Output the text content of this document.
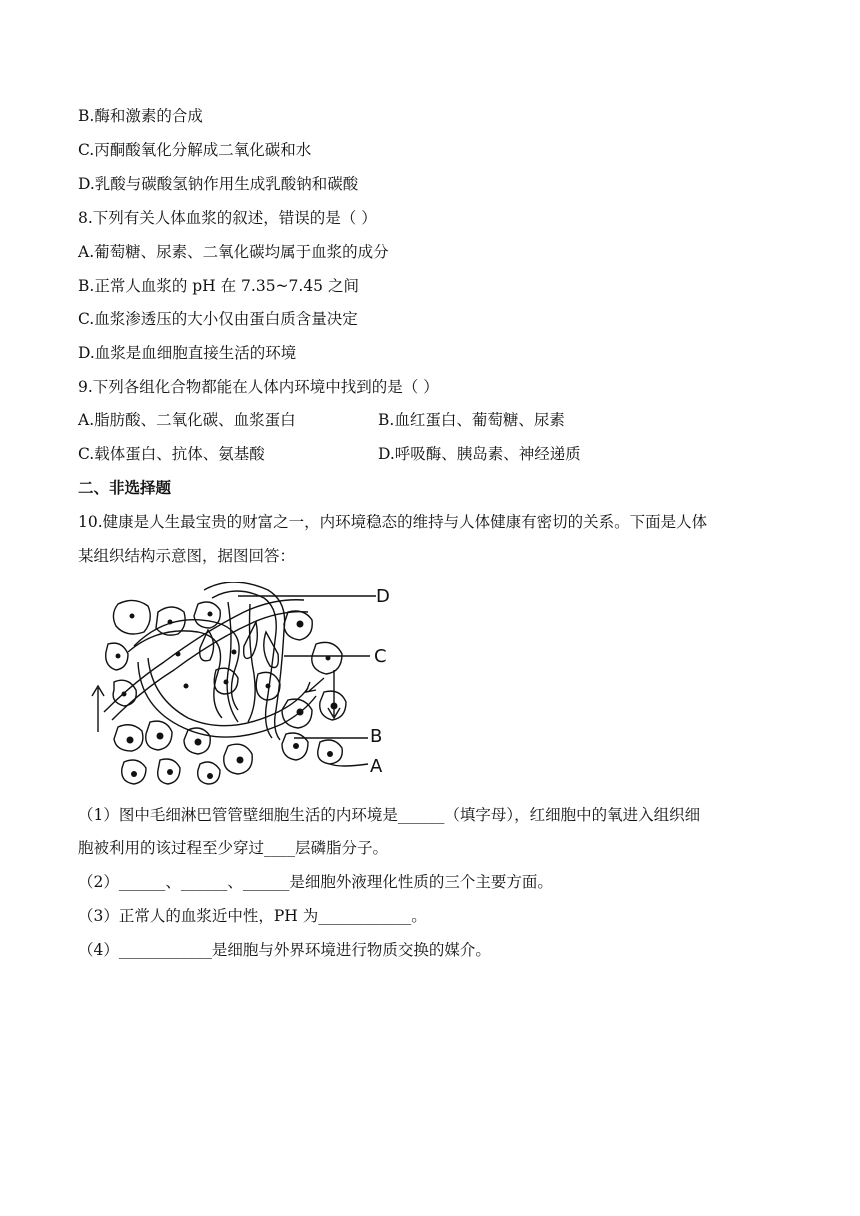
B.酶和激素的合成
C.丙酮酸氧化分解成二氧化碳和水
D.乳酸与碳酸氢钠作用生成乳酸钠和碳酸
8.下列有关人体血浆的叙述，错误的是（ ）
A.葡萄糖、尿素、二氧化碳均属于血浆的成分
B.正常人血浆的 pH 在 7.35~7.45 之间
C.血浆渗透压的大小仅由蛋白质含量决定
D.血浆是血细胞直接生活的环境
9.下列各组化合物都能在人体内环境中找到的是（ ）
A.脂肪酸、二氧化碳、血浆蛋白	B.血红蛋白、葡萄糖、尿素
C.载体蛋白、抗体、氨基酸	D.呼吸酶、胰岛素、神经递质
二、非选择题
10.健康是人生最宝贵的财富之一，内环境稳态的维持与人体健康有密切的关系。下面是人体
某组织结构示意图，据图回答：
D
C
B
A
（1）图中毛细淋巴管管壁细胞生活的内环境是______（填字母），红细胞中的氧进入组织细
胞被利用的该过程至少穿过____层磷脂分子。
（2）______、______、______是细胞外液理化性质的三个主要方面。
（3）正常人的血浆近中性，PH 为____________。
（4）____________是细胞与外界环境进行物质交换的媒介。
